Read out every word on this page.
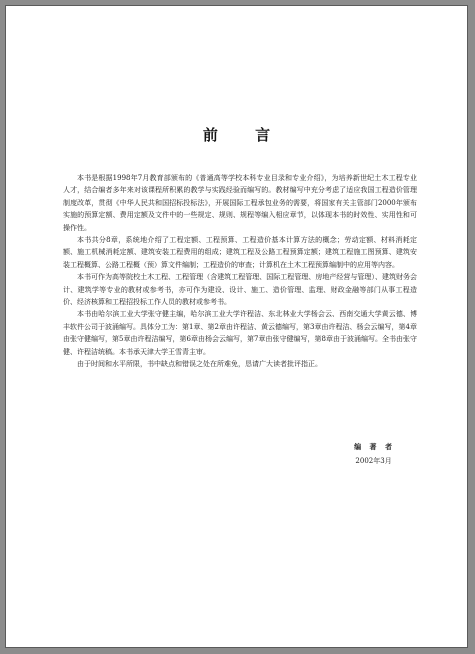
前 言

本书是根据1998年7月教育部颁布的《普通高等学校本科专业目录和专业介绍》，为培养新世纪土木工程专业人才，结合编者多年来对该课程所积累的教学与实践经验而编写的。教材编写中充分考虑了适应我国工程造价管理制度改革，贯彻《中华人民共和国招标投标法》，开展国际工程承包业务的需要，将国家有关主管部门2000年颁布实施的预算定额、费用定额及文件中的一些规定、规则、规程等编入相应章节，以体现本书的时效性、实用性和可操作性。

本书共分8章，系统地介绍了工程定额、工程预算、工程造价基本计算方法的概念；劳动定额、材料消耗定额、施工机械消耗定额、建筑安装工程费用的组成；建筑工程及公路工程预算定额；建筑工程施工图预算、建筑安装工程概算、公路工程概（预）算文件编制；工程造价的审查；计算机在土木工程预算编制中的应用等内容。

本书可作为高等院校土木工程、工程管理（含建筑工程管理、国际工程管理、房地产经营与管理）、建筑财务会计、建筑学等专业的教材或参考书，亦可作为建设、设计、施工、造价管理、监理、财政金融等部门从事工程造价、经济核算和工程招投标工作人员的教材或参考书。

本书由哈尔滨工业大学张守健主编，哈尔滨工业大学许程洁、东北林业大学杨会云、西南交通大学黄云德、博丰软件公司于波涌编写。具体分工为：第1章、第2章由许程洁、黄云德编写，第3章由许程洁、杨会云编写，第4章由张守健编写，第5章由许程洁编写，第6章由杨会云编写，第7章由张守健编写，第8章由于波涌编写。全书由张守健、许程洁统稿。本书承天津大学王雪青主审。

由于时间和水平所限，书中缺点和错误之处在所难免，恳请广大读者批评指正。

编 著 者
2002年3月
